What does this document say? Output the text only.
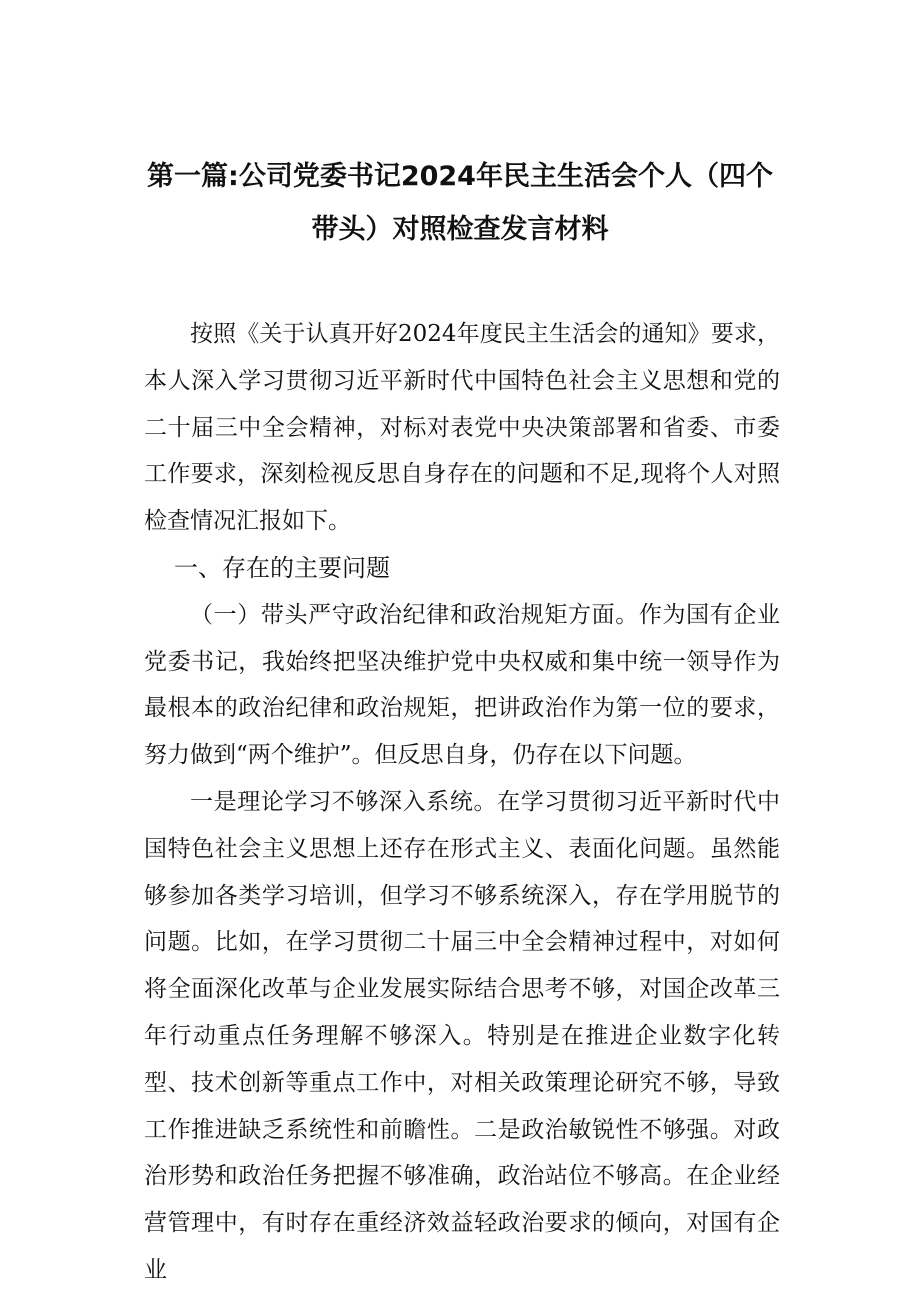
第一篇:公司党委书记2024年民主生活会个人（四个
带头）对照检查发言材料

按照《关于认真开好2024年度民主生活会的通知》要求，本人深入学习贯彻习近平新时代中国特色社会主义思想和党的二十届三中全会精神，对标对表党中央决策部署和省委、市委工作要求，深刻检视反思自身存在的问题和不足,现将个人对照检查情况汇报如下。

一、存在的主要问题

（一）带头严守政治纪律和政治规矩方面。作为国有企业党委书记，我始终把坚决维护党中央权威和集中统一领导作为最根本的政治纪律和政治规矩，把讲政治作为第一位的要求，努力做到“两个维护”。但反思自身，仍存在以下问题。

一是理论学习不够深入系统。在学习贯彻习近平新时代中国特色社会主义思想上还存在形式主义、表面化问题。虽然能够参加各类学习培训，但学习不够系统深入，存在学用脱节的问题。比如，在学习贯彻二十届三中全会精神过程中，对如何将全面深化改革与企业发展实际结合思考不够，对国企改革三年行动重点任务理解不够深入。特别是在推进企业数字化转型、技术创新等重点工作中，对相关政策理论研究不够，导致工作推进缺乏系统性和前瞻性。二是政治敏锐性不够强。对政治形势和政治任务把握不够准确，政治站位不够高。在企业经营管理中，有时存在重经济效益轻政治要求的倾向，对国有企业
